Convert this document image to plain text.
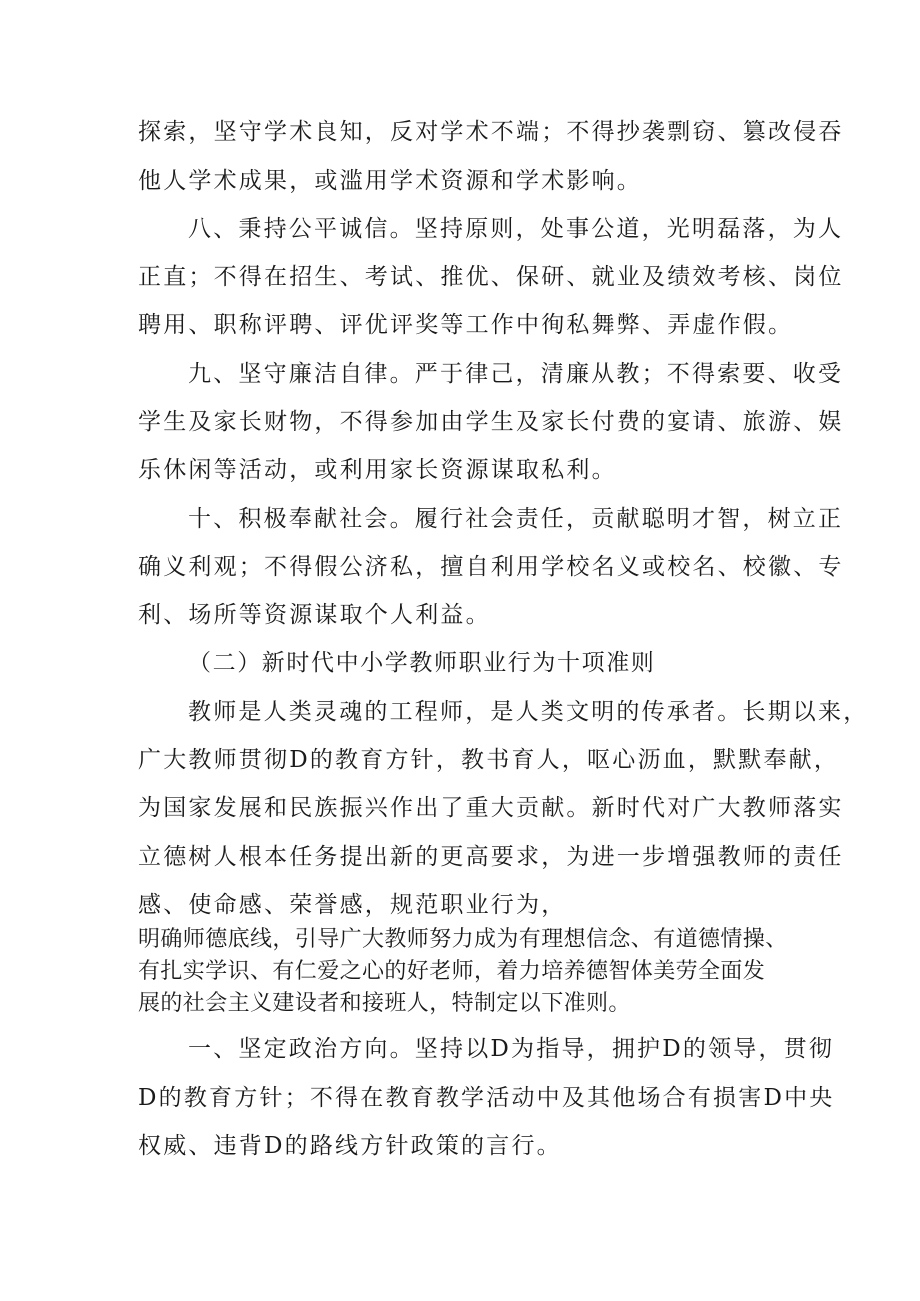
探索，坚守学术良知，反对学术不端；不得抄袭剽窃、篡改侵吞
他人学术成果，或滥用学术资源和学术影响。
八、秉持公平诚信。坚持原则，处事公道，光明磊落，为人
正直；不得在招生、考试、推优、保研、就业及绩效考核、岗位
聘用、职称评聘、评优评奖等工作中徇私舞弊、弄虚作假。
九、坚守廉洁自律。严于律己，清廉从教；不得索要、收受
学生及家长财物，不得参加由学生及家长付费的宴请、旅游、娱
乐休闲等活动，或利用家长资源谋取私利。
十、积极奉献社会。履行社会责任，贡献聪明才智，树立正
确义利观；不得假公济私，擅自利用学校名义或校名、校徽、专
利、场所等资源谋取个人利益。
（二）新时代中小学教师职业行为十项准则
教师是人类灵魂的工程师，是人类文明的传承者。长期以来，
广大教师贯彻D的教育方针，教书育人，呕心沥血，默默奉献，
为国家发展和民族振兴作出了重大贡献。新时代对广大教师落实
立德树人根本任务提出新的更高要求，为进一步增强教师的责任
感、使命感、荣誉感，规范职业行为，
明确师德底线，引导广大教师努力成为有理想信念、有道德情操、
有扎实学识、有仁爱之心的好老师，着力培养德智体美劳全面发
展的社会主义建设者和接班人，特制定以下准则。
一、坚定政治方向。坚持以D为指导，拥护D的领导，贯彻
D的教育方针；不得在教育教学活动中及其他场合有损害D中央
权威、违背D的路线方针政策的言行。
